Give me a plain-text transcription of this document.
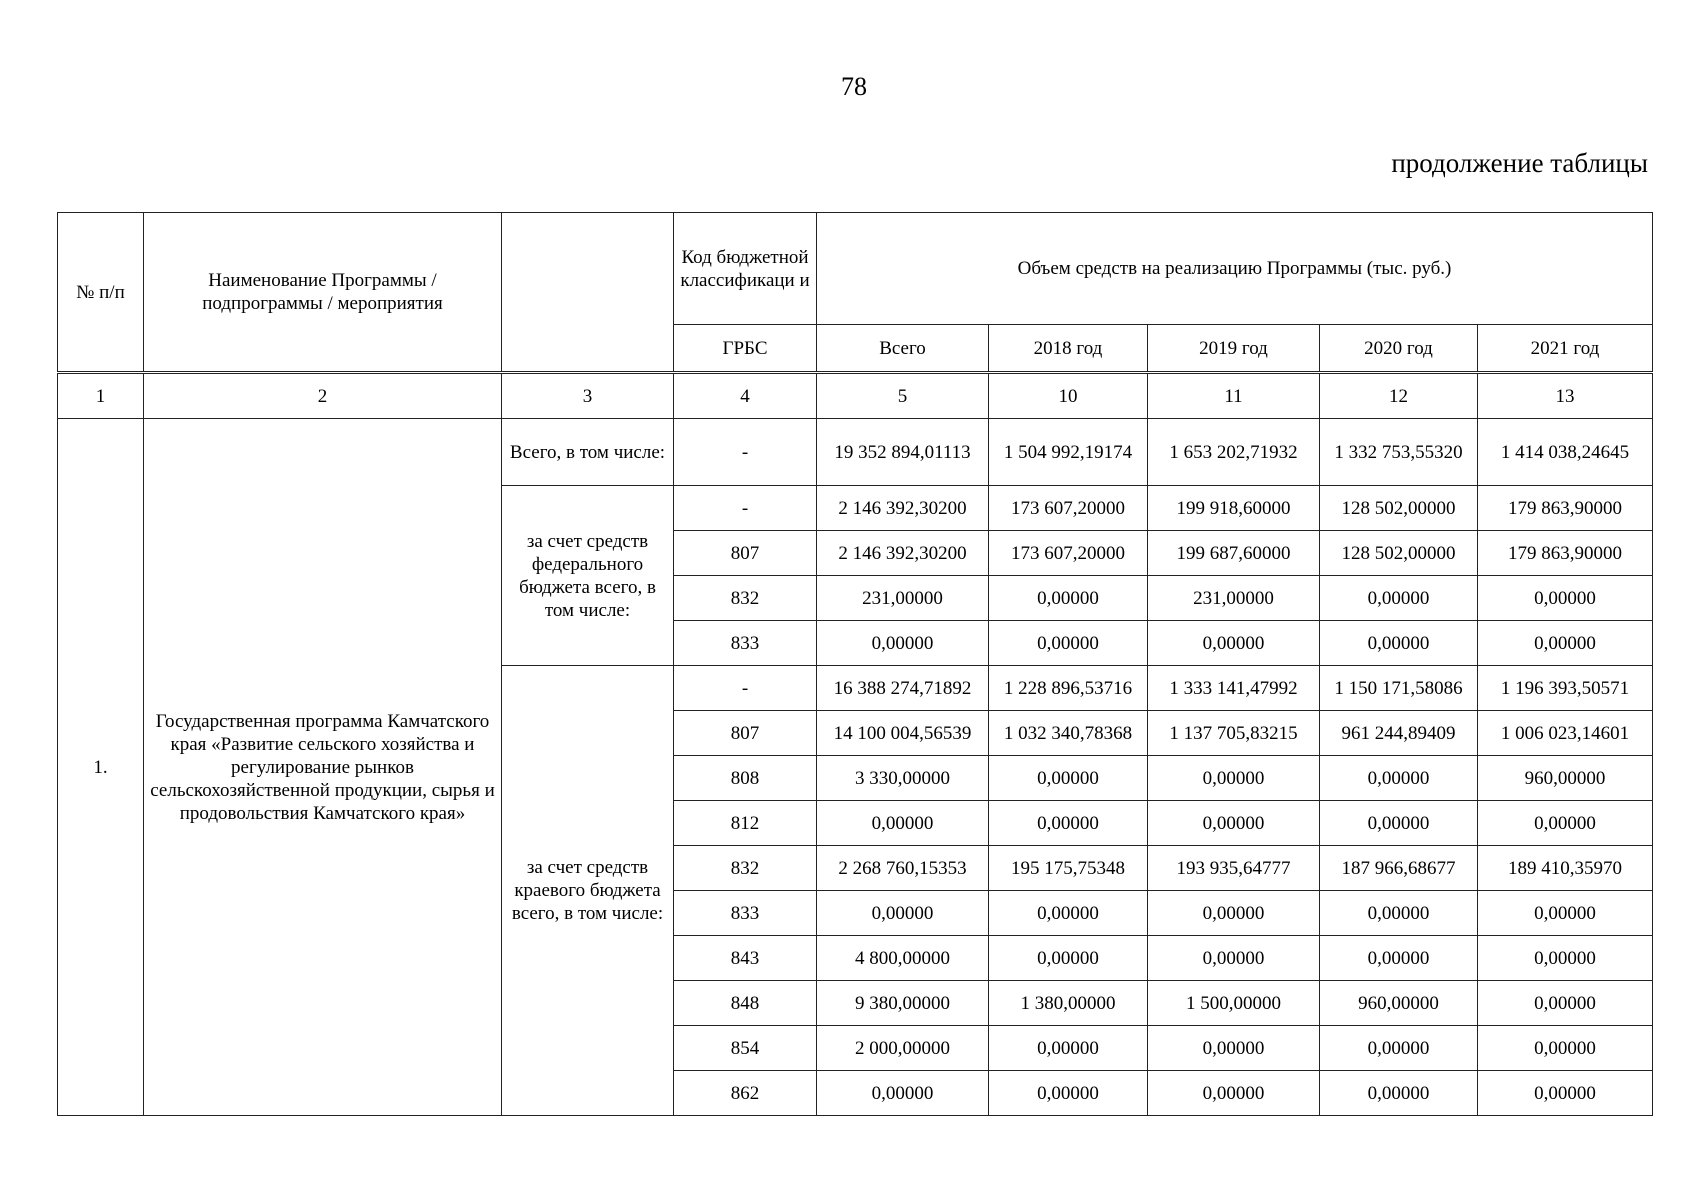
78
продолжение таблицы
№ п/п	Наименование Программы / подпрограммы / мероприятия		Код бюджетной классификаци и	Объем средств на реализацию Программы (тыс. руб.)				
			ГРБС	Всего	2018 год	2019 год	2020 год	2021 год
1	2	3	4	5	10	11	12	13
1.	Государственная программа Камчатского края «Развитие сельского хозяйства и регулирование рынков сельскохозяйственной продукции, сырья и продовольствия Камчатского края»	Всего, в том числе:	-	19 352 894,01113	1 504 992,19174	1 653 202,71932	1 332 753,55320	1 414 038,24645
		за счет средств федерального бюджета всего, в том числе:	-	2 146 392,30200	173 607,20000	199 918,60000	128 502,00000	179 863,90000
			807	2 146 392,30200	173 607,20000	199 687,60000	128 502,00000	179 863,90000
			832	231,00000	0,00000	231,00000	0,00000	0,00000
			833	0,00000	0,00000	0,00000	0,00000	0,00000
		за счет средств краевого бюджета всего, в том числе:	-	16 388 274,71892	1 228 896,53716	1 333 141,47992	1 150 171,58086	1 196 393,50571
			807	14 100 004,56539	1 032 340,78368	1 137 705,83215	961 244,89409	1 006 023,14601
			808	3 330,00000	0,00000	0,00000	0,00000	960,00000
			812	0,00000	0,00000	0,00000	0,00000	0,00000
			832	2 268 760,15353	195 175,75348	193 935,64777	187 966,68677	189 410,35970
			833	0,00000	0,00000	0,00000	0,00000	0,00000
			843	4 800,00000	0,00000	0,00000	0,00000	0,00000
			848	9 380,00000	1 380,00000	1 500,00000	960,00000	0,00000
			854	2 000,00000	0,00000	0,00000	0,00000	0,00000
			862	0,00000	0,00000	0,00000	0,00000	0,00000
